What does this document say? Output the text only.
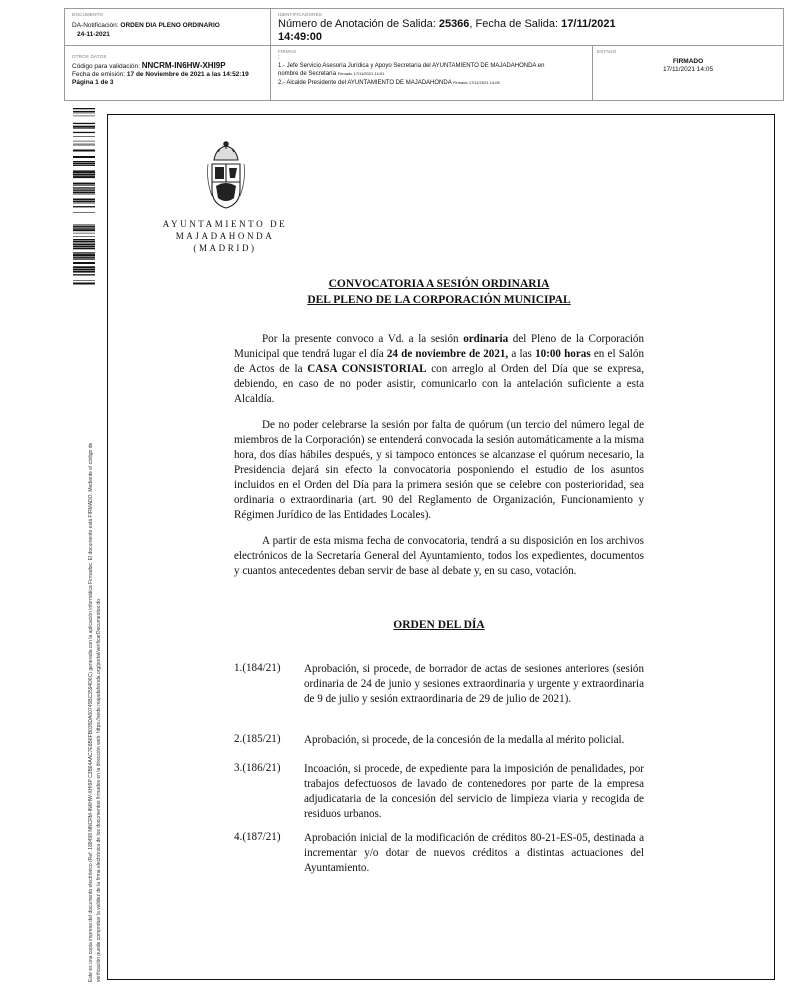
DOCUMENTO
DA-Notificación: ORDEN DIA PLENO ORDINARIO
24-11-2021
IDENTIFICADORES
Número de Anotación de Salida: 25366, Fecha de Salida: 17/11/2021
14:49:00
OTROS DATOS
Código para validación: NNCRM-IN6HW-XHI9P
Fecha de emisión: 17 de Noviembre de 2021 a las 14:52:19
Página 1 de 3
FIRMAS
:
1.- Jefe Servicio Asesoría Jurídica y Apoyo Secretaría del AYUNTAMIENTO DE MAJADAHONDA en
nombre de Secretaría Firmado 17/11/2021 14:01
2.- Alcalde Presidente del AYUNTAMIENTO DE MAJADAHONDA Firmado 17/11/2021 14:05
ESTADO
FIRMADO
17/11/2021 14:05
Este es una copia impresa del documento electrónico (Ref: 188498 NNCRM-IN6HW-XHI9P C3B64AAC7E8B6FB035DA60745BC3594D6C) generada con la aplicación informática Firmadoc. El documento está FIRMADO. Mediante el código de verificación puede comprobar la validez de la firma electrónica de los documentos firmados en la dirección web: https://sede.majadahonda.org/portal/verificarDocumentos.do
AYUNTAMIENTO DE
MAJADAHONDA
(MADRID)
CONVOCATORIA A SESIÓN ORDINARIA
DEL PLENO DE LA CORPORACIÓN MUNICIPAL

Por la presente convoco a Vd. a la sesión ordinaria del Pleno de la Corporación Municipal que tendrá lugar el día 24 de noviembre de 2021, a las 10:00 horas en el Salón de Actos de la CASA CONSISTORIAL con arreglo al Orden del Día que se expresa, debiendo, en caso de no poder asistir, comunicarlo con la antelación suficiente a esta Alcaldía.

De no poder celebrarse la sesión por falta de quórum (un tercio del número legal de miembros de la Corporación) se entenderá convocada la sesión automáticamente a la misma hora, dos días hábiles después, y si tampoco entonces se alcanzase el quórum necesario, la Presidencia dejará sin efecto la convocatoria posponiendo el estudio de los asuntos incluidos en el Orden del Día para la primera sesión que se celebre con posterioridad, sea ordinaria o extraordinaria (art. 90 del Reglamento de Organización, Funcionamiento y Régimen Jurídico de las Entidades Locales).

A partir de esta misma fecha de convocatoria, tendrá a su disposición en los archivos electrónicos de la Secretaría General del Ayuntamiento, todos los expedientes, documentos y cuantos antecedentes deban servir de base al debate y, en su caso, votación.

ORDEN DEL DÍA
1.(184/21) Aprobación, si procede, de borrador de actas de sesiones anteriores (sesión ordinaria de 24 de junio y sesiones extraordinaria y urgente y extraordinaria de 9 de julio y sesión extraordinaria de 29 de julio de 2021).
2.(185/21) Aprobación, si procede, de la concesión de la medalla al mérito policial.
3.(186/21) Incoación, si procede, de expediente para la imposición de penalidades, por trabajos defectuosos de lavado de contenedores por parte de la empresa adjudicataria de la concesión del servicio de limpieza viaria y recogida de residuos urbanos.
4.(187/21) Aprobación inicial de la modificación de créditos 80-21-ES-05, destinada a incrementar y/o dotar de nuevos créditos a distintas actuaciones del Ayuntamiento.
